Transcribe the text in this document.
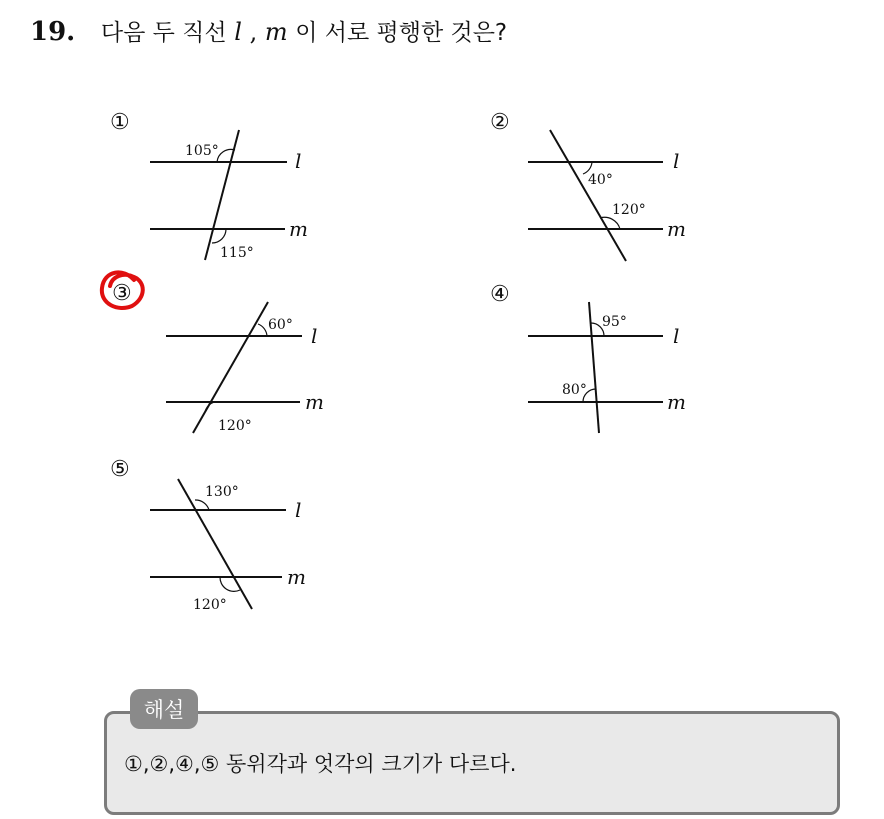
19. 다음 두 직선 l , m 이 서로 평행한 것은?
①
105°
115°
l
m
②
40°
120°
l
m
③
60°
120°
l
m
④
95°
80°
l
m
⑤
130°
120°
l
m
해설
①,②,④,⑤ 동위각과 엇각의 크기가 다르다.
